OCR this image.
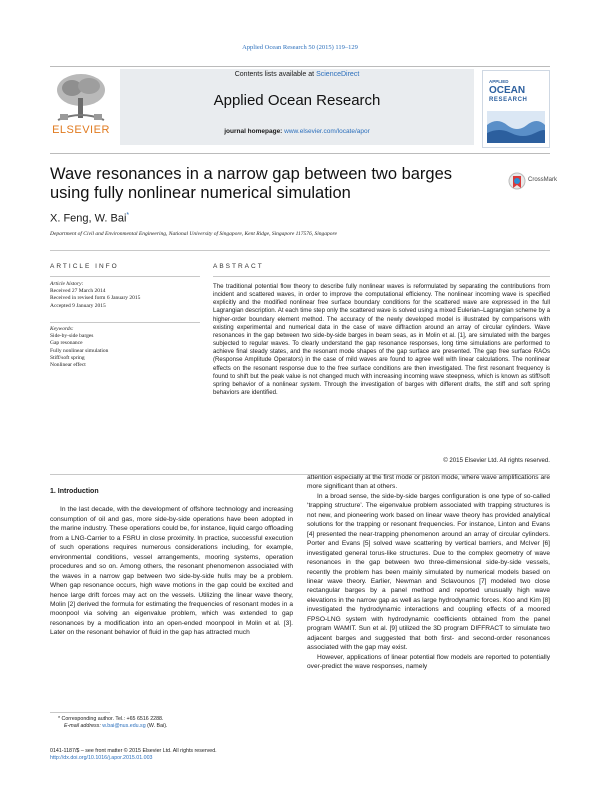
Applied Ocean Research 50 (2015) 119–129
ELSEVIER
Contents lists available at ScienceDirect
Applied Ocean Research
journal homepage: www.elsevier.com/locate/apor
APPLIED
OCEAN
RESEARCH
Wave resonances in a narrow gap between two barges using fully nonlinear numerical simulation
CrossMark
X. Feng, W. Bai*
Department of Civil and Environmental Engineering, National University of Singapore, Kent Ridge, Singapore 117576, Singapore
ARTICLE INFO
Article history:
Received 27 March 2014
Received in revised form 6 January 2015
Accepted 9 January 2015
Keywords:
Side-by-side barges
Gap resonance
Fully nonlinear simulation
Stiff/soft spring
Nonlinear effect
ABSTRACT
The traditional potential flow theory to describe fully nonlinear waves is reformulated by separating the contributions from incident and scattered waves, in order to improve the computational efficiency. The nonlinear incoming wave is specified explicitly and the modified nonlinear free surface boundary conditions for the scattered wave are expressed in the full Lagrangian description. At each time step only the scattered wave is solved using a mixed Eulerian–Lagrangian scheme by a higher-order boundary element method. The accuracy of the newly developed model is illustrated by comparisons with existing experimental and numerical data in the case of wave diffraction around an array of circular cylinders. Wave resonances in the gap between two side-by-side barges in beam seas, as in Molin et al. [1], are simulated with the barges subjected to regular waves. To clearly understand the gap resonance responses, long time simulations are performed to achieve final steady states, and the resonant mode shapes of the gap surface are presented. The gap free surface RAOs (Response Amplitude Operators) in the case of mild waves are found to agree well with linear calculations. The nonlinear effects on the resonant response due to the free surface conditions are then investigated. The first resonant frequency is found to shift but the peak value is not changed much with increasing incoming wave steepness, which is known as stiff/soft spring behavior of a nonlinear system. Through the investigation of barges with different drafts, the stiff and soft spring behaviors are identified.
© 2015 Elsevier Ltd. All rights reserved.

1. Introduction

In the last decade, with the development of offshore technology and increasing consumption of oil and gas, more side-by-side operations have been adopted in the marine industry. These operations could be, for instance, liquid cargo offloading from a LNG-Carrier to a FSRU in close proximity. In practice, successful execution of such operations requires numerous considerations including, for example, environmental conditions, vessel arrangements, mooring systems, operation procedures and so on. Among others, the resonant phenomenon associated with the waves in a narrow gap between two side-by-side hulls may be a problem. When gap resonance occurs, high wave motions in the gap could be excited and hence large drift forces may act on the vessels. Utilizing the linear wave theory, Molin [2] derived the formula for estimating the frequencies of resonant modes in a moonpool via solving an eigenvalue problem, which was extended to gap resonances by a modification into an open-ended moonpool in Molin et al. [3]. Later on the resonant behavior of fluid in the gap has attracted much

attention especially at the first mode or piston mode, where wave amplifications are more significant than at others.

In a broad sense, the side-by-side barges configuration is one type of so-called ‘trapping structure’. The eigenvalue problem associated with trapping structures is not new, and pioneering work based on linear wave theory has provided analytical solutions for the trapping or resonant frequencies. For instance, Linton and Evans [4] presented the near-trapping phenomenon around an array of circular cylinders. Porter and Evans [5] solved wave scattering by vertical barriers, and McIver [6] investigated general torus-like structures. Due to the complex geometry of wave resonances in the gap between two three-dimensional side-by-side vessels, recently the problem has been mainly simulated by numerical models based on linear wave theory. Earlier, Newman and Sclavounos [7] modeled two close rectangular barges by a panel method and reported unusually high wave elevations in the narrow gap as well as large hydrodynamic forces. Koo and Kim [8] investigated the hydrodynamic interactions and coupling effects of a moored FPSO-LNG system with hydrodynamic coefficients obtained from the panel program WAMIT. Sun et al. [9] utilized the 3D program DIFFRACT to simulate two adjacent barges and suggested that both first- and second-order resonances associated with the gap may exist.

However, applications of linear potential flow models are reported to potentially over-predict the wave responses, namely

* Corresponding author. Tel.: +65 6516 2288.
E-mail address: w.bai@nus.edu.sg (W. Bai).
0141-1187/$ – see front matter © 2015 Elsevier Ltd. All rights reserved.
http://dx.doi.org/10.1016/j.apor.2015.01.003
